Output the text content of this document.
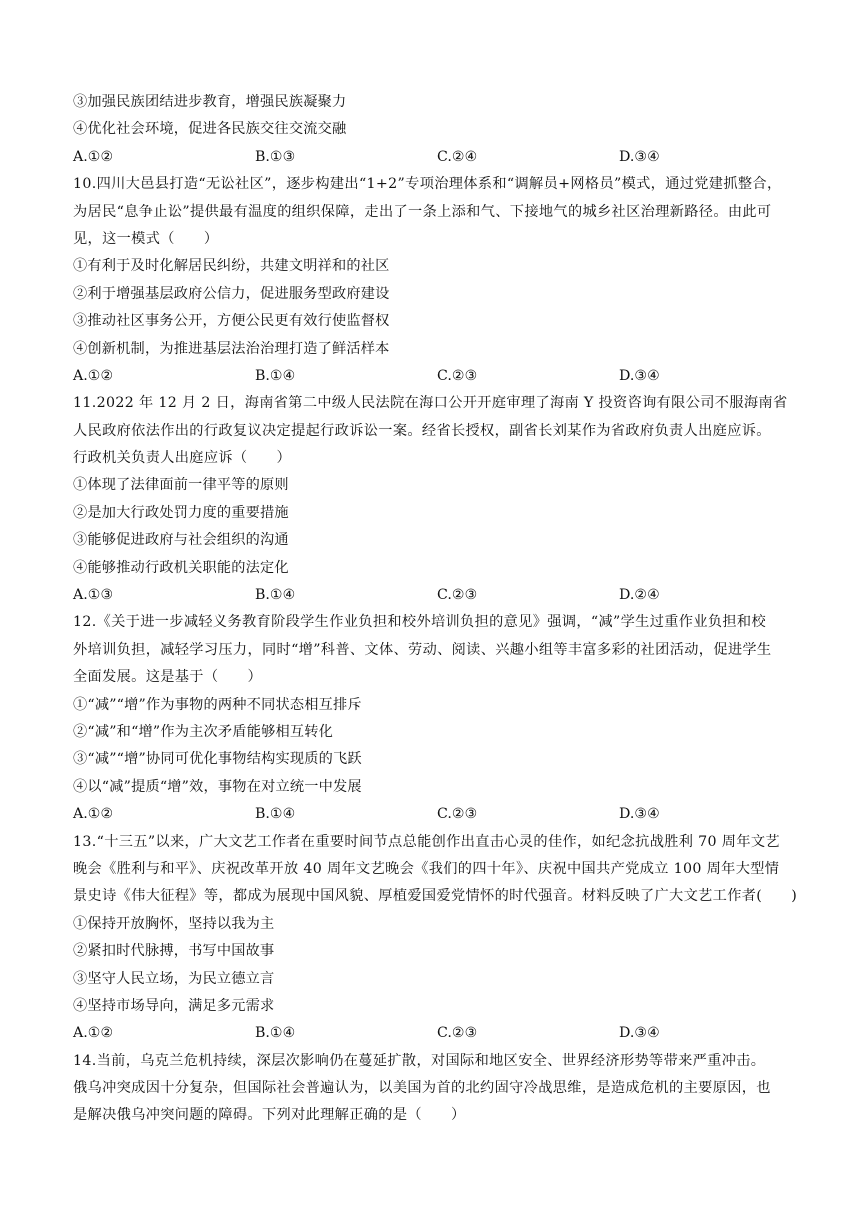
③加强民族团结进步教育，增强民族凝聚力
④优化社会环境，促进各民族交往交流交融
A.①②	B.①③	C.②④	D.③④
10.四川大邑县打造“无讼社区”，逐步构建出“1+2”专项治理体系和“调解员+网格员”模式，通过党建抓整合，
为居民“息争止讼”提供最有温度的组织保障，走出了一条上添和气、下接地气的城乡社区治理新路径。由此可
见，这一模式（　　）
①有利于及时化解居民纠纷，共建文明祥和的社区
②利于增强基层政府公信力，促进服务型政府建设
③推动社区事务公开，方便公民更有效行使监督权
④创新机制，为推进基层法治治理打造了鲜活样本
A.①②	B.①④	C.②③	D.③④
11.2022 年 12 月 2 日，海南省第二中级人民法院在海口公开开庭审理了海南 Y 投资咨询有限公司不服海南省
人民政府依法作出的行政复议决定提起行政诉讼一案。经省长授权，副省长刘某作为省政府负责人出庭应诉。
行政机关负责人出庭应诉（　　）
①体现了法律面前一律平等的原则
②是加大行政处罚力度的重要措施
③能够促进政府与社会组织的沟通
④能够推动行政机关职能的法定化
A.①③	B.①④	C.②③	D.②④
12.《关于进一步减轻义务教育阶段学生作业负担和校外培训负担的意见》强调，“减”学生过重作业负担和校
外培训负担，减轻学习压力，同时“增”科普、文体、劳动、阅读、兴趣小组等丰富多彩的社团活动，促进学生
全面发展。这是基于（　　）
①“减”“增”作为事物的两种不同状态相互排斥
②“减”和“增”作为主次矛盾能够相互转化
③“减”“增”协同可优化事物结构实现质的飞跃
④以“减”提质“增”效，事物在对立统一中发展
A.①②	B.①④	C.②③	D.③④
13.“十三五”以来，广大文艺工作者在重要时间节点总能创作出直击心灵的佳作，如纪念抗战胜利 70 周年文艺
晚会《胜利与和平》、庆祝改革开放 40 周年文艺晚会《我们的四十年》、庆祝中国共产党成立 100 周年大型情
景史诗《伟大征程》等，都成为展现中国风貌、厚植爱国爱党情怀的时代强音。材料反映了广大文艺工作者(　　)
①保持开放胸怀，坚持以我为主
②紧扣时代脉搏，书写中国故事
③坚守人民立场，为民立德立言
④坚持市场导向，满足多元需求
A.①②	B.①④	C.②③	D.③④
14.当前，乌克兰危机持续，深层次影响仍在蔓延扩散，对国际和地区安全、世界经济形势等带来严重冲击。
俄乌冲突成因十分复杂，但国际社会普遍认为，以美国为首的北约固守冷战思维，是造成危机的主要原因，也
是解决俄乌冲突问题的障碍。下列对此理解正确的是（　　）
